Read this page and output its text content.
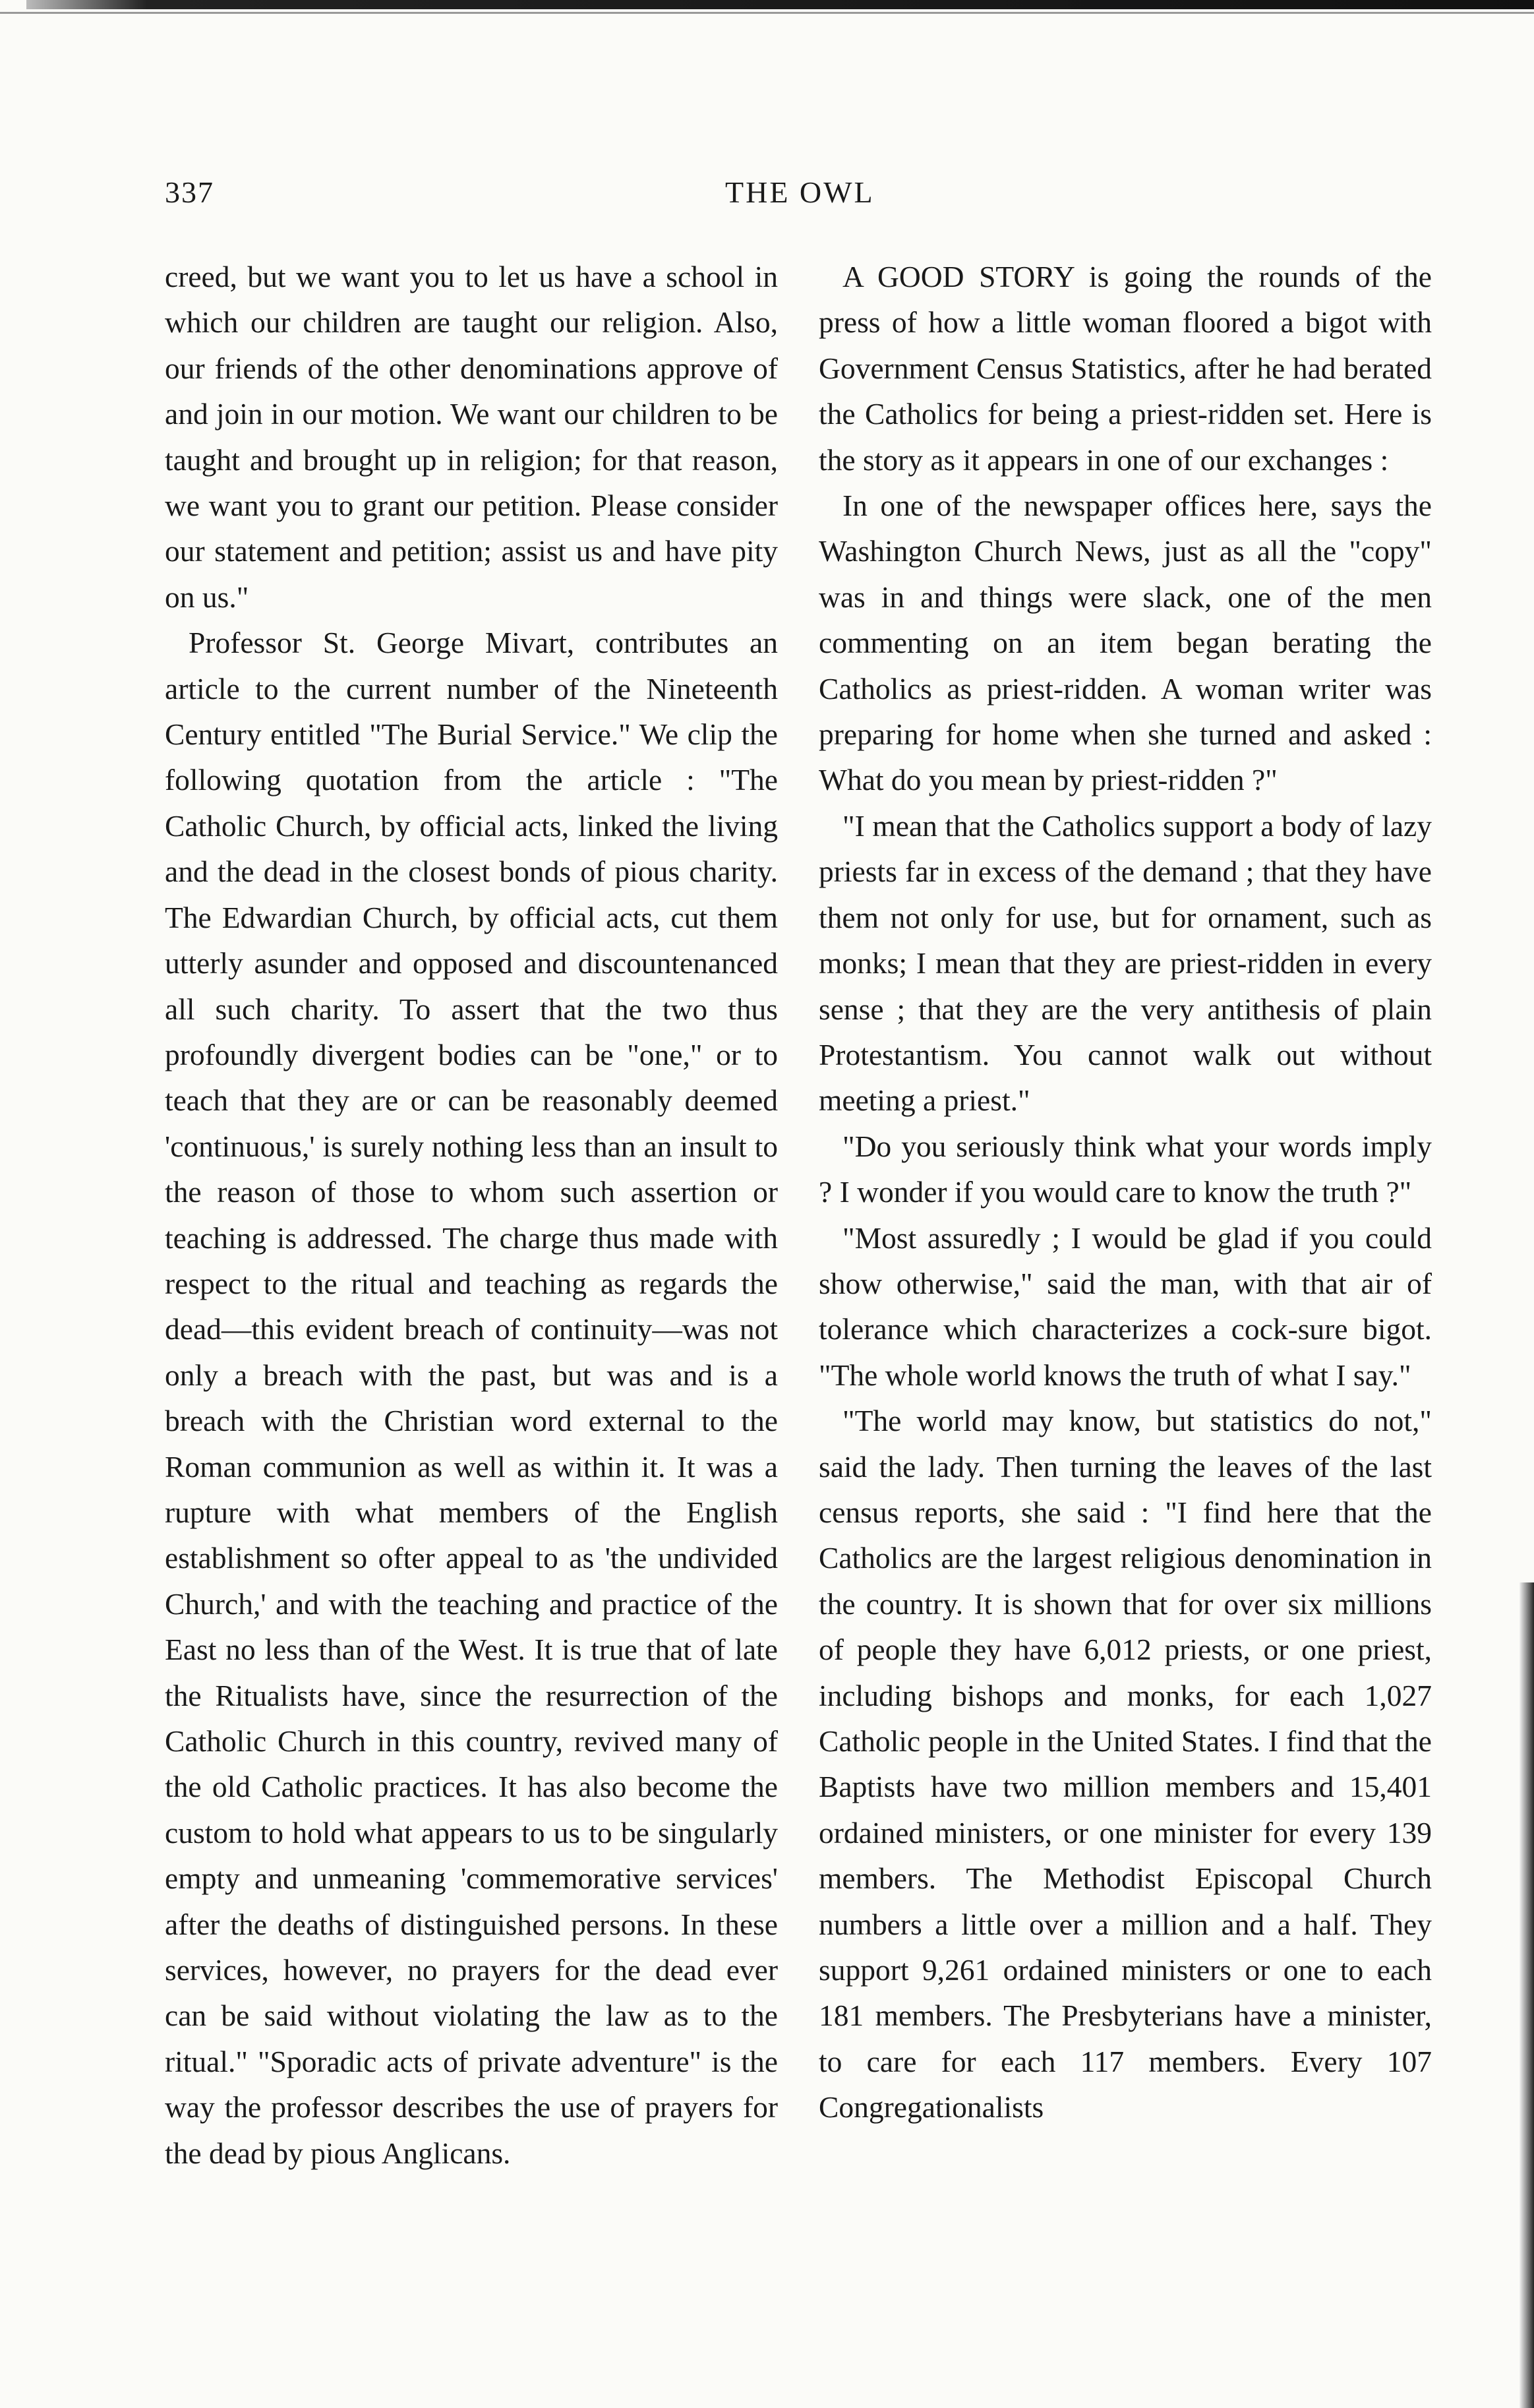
337	THE OWL

creed, but we want you to let us have a school in which our children are taught our religion. Also, our friends of the other denominations approve of and join in our motion. We want our children to be taught and brought up in religion; for that reason, we want you to grant our petition. Please consider our statement and petition; assist us and have pity on us."

Professor St. George Mivart, contributes an article to the current number of the Nineteenth Century entitled "The Burial Service." We clip the following quotation from the article : "The Catholic Church, by official acts, linked the living and the dead in the closest bonds of pious charity. The Edwardian Church, by official acts, cut them utterly asunder and opposed and discountenanced all such charity. To assert that the two thus profoundly divergent bodies can be "one," or to teach that they are or can be reasonably deemed 'continuous,' is surely nothing less than an insult to the reason of those to whom such assertion or teaching is addressed. The charge thus made with respect to the ritual and teaching as regards the dead—this evident breach of continuity—was not only a breach with the past, but was and is a breach with the Christian word external to the Roman communion as well as within it. It was a rupture with what members of the English establishment so ofter appeal to as 'the undivided Church,' and with the teaching and practice of the East no less than of the West. It is true that of late the Ritualists have, since the resurrection of the Catholic Church in this country, revived many of the old Catholic practices. It has also become the custom to hold what appears to us to be singularly empty and unmeaning 'commemorative services' after the deaths of distinguished persons. In these services, however, no prayers for the dead ever can be said without violating the law as to the ritual." "Sporadic acts of private adventure" is the way the professor describes the use of prayers for the dead by pious Anglicans.

A GOOD STORY is going the rounds of the press of how a little woman floored a bigot with Government Census Statistics, after he had berated the Catholics for being a priest-ridden set. Here is the story as it appears in one of our exchanges :

In one of the newspaper offices here, says the Washington Church News, just as all the "copy" was in and things were slack, one of the men commenting on an item began berating the Catholics as priest-ridden. A woman writer was preparing for home when she turned and asked : What do you mean by priest-ridden ?"

"I mean that the Catholics support a body of lazy priests far in excess of the demand ; that they have them not only for use, but for ornament, such as monks; I mean that they are priest-ridden in every sense ; that they are the very antithesis of plain Protestantism. You cannot walk out without meeting a priest."

"Do you seriously think what your words imply ? I wonder if you would care to know the truth ?"

"Most assuredly ; I would be glad if you could show otherwise," said the man, with that air of tolerance which characterizes a cock-sure bigot. "The whole world knows the truth of what I say."

"The world may know, but statistics do not," said the lady. Then turning the leaves of the last census reports, she said : "I find here that the Catholics are the largest religious denomination in the country. It is shown that for over six millions of people they have 6,012 priests, or one priest, including bishops and monks, for each 1,027 Catholic people in the United States. I find that the Baptists have two million members and 15,401 ordained ministers, or one minister for every 139 members. The Methodist Episcopal Church numbers a little over a million and a half. They support 9,261 ordained ministers or one to each 181 members. The Presbyterians have a minister, to care for each 117 members. Every 107 Congregationalists
